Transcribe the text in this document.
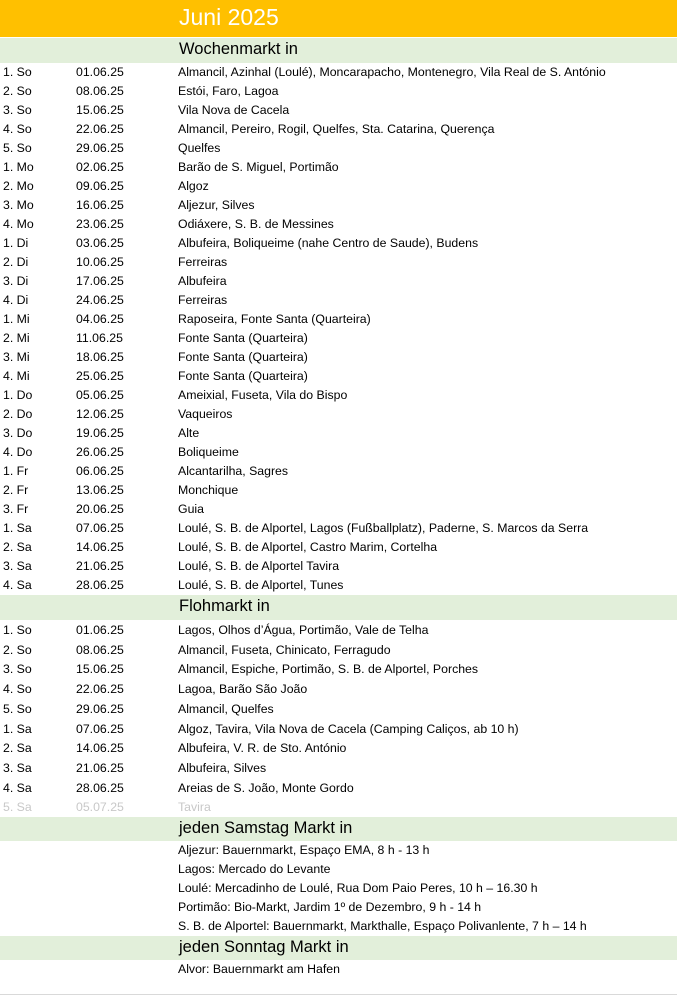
Juni 2025
Wochenmarkt in
1. So	01.06.25	Almancil, Azinhal (Loulé), Moncarapacho, Montenegro, Vila Real de S. António
2. So	08.06.25	Estói, Faro, Lagoa
3. So	15.06.25	Vila Nova de Cacela
4. So	22.06.25	Almancil, Pereiro, Rogil, Quelfes, Sta. Catarina, Querença
5. So	29.06.25	Quelfes
1. Mo	02.06.25	Barão de S. Miguel, Portimão
2. Mo	09.06.25	Algoz
3. Mo	16.06.25	Aljezur, Silves
4. Mo	23.06.25	Odiáxere, S. B. de Messines
1. Di	03.06.25	Albufeira, Boliqueime (nahe Centro de Saude), Budens
2. Di	10.06.25	Ferreiras
3. Di	17.06.25	Albufeira
4. Di	24.06.25	Ferreiras
1. Mi	04.06.25	Raposeira, Fonte Santa (Quarteira)
2. Mi	11.06.25	Fonte Santa (Quarteira)
3. Mi	18.06.25	Fonte Santa (Quarteira)
4. Mi	25.06.25	Fonte Santa (Quarteira)
1. Do	05.06.25	Ameixial, Fuseta, Vila do Bispo
2. Do	12.06.25	Vaqueiros
3. Do	19.06.25	Alte
4. Do	26.06.25	Boliqueime
1. Fr	06.06.25	Alcantarilha, Sagres
2. Fr	13.06.25	Monchique
3. Fr	20.06.25	Guia
1. Sa	07.06.25	Loulé, S. B. de Alportel, Lagos (Fußballplatz), Paderne, S. Marcos da Serra
2. Sa	14.06.25	Loulé, S. B. de Alportel, Castro Marim, Cortelha
3. Sa	21.06.25	Loulé, S. B. de Alportel Tavira
4. Sa	28.06.25	Loulé, S. B. de Alportel, Tunes
Flohmarkt in
1. So	01.06.25	Lagos, Olhos d’Água, Portimão, Vale de Telha
2. So	08.06.25	Almancil, Fuseta, Chinicato, Ferragudo
3. So	15.06.25	Almancil, Espiche, Portimão, S. B. de Alportel, Porches
4. So	22.06.25	Lagoa, Barão São João
5. So	29.06.25	Almancil, Quelfes
1. Sa	07.06.25	Algoz, Tavira, Vila Nova de Cacela (Camping Caliços, ab 10 h)
2. Sa	14.06.25	Albufeira, V. R. de Sto. António
3. Sa	21.06.25	Albufeira, Silves
4. Sa	28.06.25	Areias de S. João, Monte Gordo
5. Sa	05.07.25	Tavira
jeden Samstag Markt in
Aljezur: Bauernmarkt, Espaço EMA, 8 h - 13 h
Lagos: Mercado do Levante
Loulé: Mercadinho de Loulé, Rua Dom Paio Peres, 10 h – 16.30 h
Portimão: Bio-Markt, Jardim 1º de Dezembro, 9 h - 14 h
S. B. de Alportel: Bauernmarkt, Markthalle, Espaço Polivanlente, 7 h – 14 h
jeden Sonntag Markt in
Alvor: Bauernmarkt am Hafen
